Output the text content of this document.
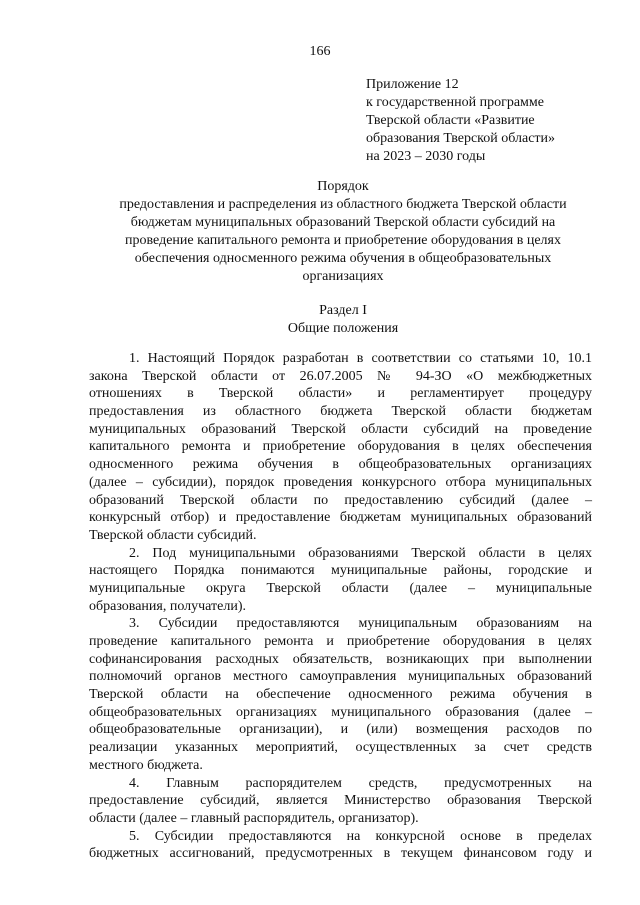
166
Приложение 12
к государственной программе
Тверской области «Развитие
образования Тверской области»
на 2023 – 2030 годы
Порядок
предоставления и распределения из областного бюджета Тверской области
бюджетам муниципальных образований Тверской области субсидий на
проведение капитального ремонта и приобретение оборудования в целях
обеспечения односменного режима обучения в общеобразовательных
организациях
Раздел I
Общие положения
1. Настоящий Порядок разработан в соответствии со статьями 10, 10.1
закона Тверской области от 26.07.2005 № 94-ЗО «О межбюджетных
отношениях в Тверской области» и регламентирует процедуру
предоставления из областного бюджета Тверской области бюджетам
муниципальных образований Тверской области субсидий на проведение
капитального ремонта и приобретение оборудования в целях обеспечения
односменного режима обучения в общеобразовательных организациях
(далее – субсидии), порядок проведения конкурсного отбора муниципальных
образований Тверской области по предоставлению субсидий (далее –
конкурсный отбор) и предоставление бюджетам муниципальных образований
Тверской области субсидий.
2. Под муниципальными образованиями Тверской области в целях
настоящего Порядка понимаются муниципальные районы, городские и
муниципальные округа Тверской области (далее – муниципальные
образования, получатели).
3. Субсидии предоставляются муниципальным образованиям на
проведение капитального ремонта и приобретение оборудования в целях
софинансирования расходных обязательств, возникающих при выполнении
полномочий органов местного самоуправления муниципальных образований
Тверской области на обеспечение односменного режима обучения в
общеобразовательных организациях муниципального образования (далее –
общеобразовательные организации), и (или) возмещения расходов по
реализации указанных мероприятий, осуществленных за счет средств
местного бюджета.
4. Главным распорядителем средств, предусмотренных на
предоставление субсидий, является Министерство образования Тверской
области (далее – главный распорядитель, организатор).
5. Субсидии предоставляются на конкурсной основе в пределах
бюджетных ассигнований, предусмотренных в текущем финансовом году и
